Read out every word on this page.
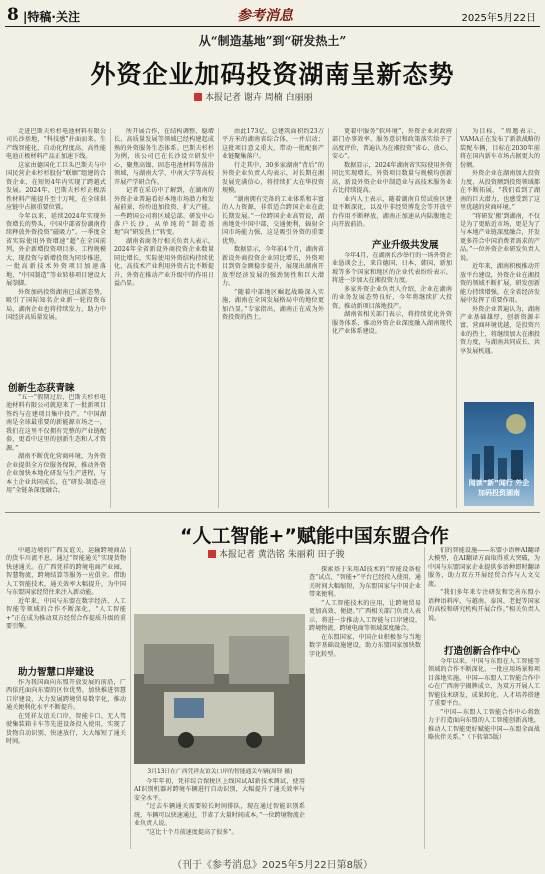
8 |特稿·关注	参考消息	2025年5月22日
从“制造基地”到“研发热土”
外资企业加码投资湖南呈新态势
本报记者 谢卉 周楠 白丽丽

走进巴斯夫杉杉电池材料有限公司长沙基地，“科技感”扑面而来。生产线智能化、自动化程度高，高性能电池正极材料产品正加速下线。

这家由德国化工巨头巴斯夫与中国民营企业杉杉股份“联姻”组建的合资企业，在短短4年内实现了跨越式发展。2024年，巴斯夫杉杉正极活性材料产能提升至十万吨，在全球供应链中占据重要位置。

今年以来，延续2024年实现外资增长的势头，中国中部省份湖南持续释放外资投资“磁吸力”。一季度全省实际使用外资增速“超”在全国前列，外企新增投资项目多、工程规模大，现投资与新增投资为同步推进，一批高新技术外资项目加速落地，“中国制造”等业转移项目建设大展拳脚。

外资加码投资湖南已成新态势，吸引了国际知名企业新一轮投资布局，湖南企业也将持续发力，助力中国经济高质量发展。

创新生态获青睐

“五一”假期过后，巴斯夫杉杉电池材料有限公司就迎来了一批新项目签约与在建项目集中投产。“中国湖南是全球最重要的新能源市场之一，我们在这里不仅拥有完整的产业链配套，更看中这里的创新生态和人才资源。”

湖南不断优化营商环境，为外资企业提供全方位服务保障，推动外资企业加快本地化研发与生产进程，与本土企业共同成长，在“研发-制造-应用”全链条深度融合。

所开展合作，在结构调整、稳增长、高质量发展等领域已经构建起成熟的外资服务生态体系。巴斯夫杉杉为例，该公司已在长沙设立研发中心，聚焦高镍、固态电池材料等前沿领域，与湖南大学、中南大学等高校开展产学研合作。

记者在采访中了解到，在湖南的外资企业普遍看好本地市场潜力和发展前景，纷纷追加投资、扩大产能。一些跨国公司将区域总部、研发中心落户长沙，从单纯的“制造基地”向“研发热土”转变。

湖南省商务厅相关负责人表示，2024年全省新设外商投资企业数量同比增长，实际使用外资结构持续优化，高技术产业利用外资占比不断提升，外资在推动产业升级中的作用日益凸显。

由此173亿，总建筑面积约23万平方米的湖南省综合体，一并启动；这批项目意义重大，带动一批配套产业链聚集落户。

行走其中，30多家湖南“背后”的外资企业负责人均表示，对长期在湘发展充满信心，将持续扩大在华投资规模。

“湖南拥有完备的工业体系和丰富的人力资源，非常适合跨国企业在此长期发展。”一位跨国企业高管说，湖南地处中国中部，交通便利，辐射全国市场能力强，这是吸引外资的重要优势。

数据显示，今年前4个月，湖南省新设外商投资企业同比增长，外资项目到资金额稳步提升，展现出湖南开放型经济发展的强劲韧性和巨大潜力。

“随着中部地区崛起战略深入实施，湖南在全国发展格局中的地位更加凸显。”专家指出，湖南正在成为外资投资的热土。

更着中服务“软环境”，外资企业对政府部门办事效率、服务意识和政策落实给予了高度评价，普遍认为在湘投资“省心、放心、安心”。

数据显示，2024年湖南省实际使用外资同比实现增长，外资项目数量与规模均创新高，新设外资企业中制造业与高技术服务业占比持续提高。

业内人士表示，随着湖南自贸试验区建设不断深化，以及中非经贸博览会等开放平台作用不断释放，湖南正加速从内陆腹地走向开放前沿。

产业升级共发展

今年4月，在湖南长沙举行的一场外资企业恳谈会上，来自德国、日本、韩国、新加坡等多个国家和地区的企业代表纷纷表示，将进一步加大在湘投资力度。

多家外资企业负责人介绍，企业在湖南的业务发展态势良好，今年将继续扩大投资，推动新项目落地投产。

湖南省相关部门表示，将持续优化外资服务体系，推动外资企业深度融入湖南现代化产业体系建设。

为目标，“周邀表示，VAMA正在发布了新款战略的装配车辆，目标在2030年前将在国内新车市场占据更大的份额。

外资企业在湖南加大投资力度，从投资额到投资领域都在不断拓展，“我们看到了湖南的巨大潜力，也感受到了这里优越的营商环境。”

“将研发‘搬’到湖南，不仅是为了更贴近市场，更是为了与本地产业链深度融合，开发更多符合中国消费者需求的产品。”一位外资企业研发负责人说。

近年来，湖南积极推动开放平台建设，外资企业在湘投资的领域不断扩展，研发创新能力持续增强，在全省经济发展中发挥了重要作用。

外资企业普遍认为，湖南产业基础雄厚、创新资源丰富、营商环境优越，是投资兴业的热土，将继续加大在湘投资力度，与湖南共同成长、共享发展机遇。

阅读“新”闻行 外企加码投资湖南
“人工智能+”赋能中国东盟合作
本报记者 黄浩铭 朱丽莉 田子骏

中越边境的广西友谊关，运输跨境商品的货车川流不息，通过“智能通关”实现货物快速通关。在广西凭祥的跨境电商产业园，智慧物流、跨境结算等服务一应俱全。借助人工智能技术，通关效率大幅提升，为中国与东盟国家经贸往来注入新动能。

近年来，中国与东盟在数字经济、人工智能等领域的合作不断深化，“人工智能+”正在成为推动双方经贸合作提质升级的重要引擎。

助力智慧口岸建设

作为我国面向东盟开放发展的前沿，广西依托面向东盟的区位优势，加快推进智慧口岸建设，大力发展跨境贸易数字化，推动通关便利化水平不断提升。

在凭祥友谊关口岸，智能卡口、无人驾驶集装箱卡车等先进设备投入使用，实现了货物自动识别、快速放行，大大缩短了通关时间。

3月13日在广西凭祥友谊关口岸的智能通关车辆(周铎 摄)

今年年初，凭祥综合保税区上线国试AI新技术测试，使用AI识别机器对跨境车辆进行自动识别，大幅提升了通关效率与安全水平。

“过去车辆通关需要较长时间排队，现在通过智能识别系统，车辆可以快速通过，节省了大量时间成本。”一位跨境物流企业负责人说。

“这比十个月前速度提高了很多”。

探索基于采用AI技术的“智能设备检查”试点，“智能+”平台已经投入使用，通关时间大幅缩短，为东盟国家与中国企业带来便利。

“人工智能技术的应用，让跨境贸易更加高效、便捷。”广西相关部门负责人表示，将进一步推动人工智能与口岸建设、跨境物流、跨境电商等领域深度融合。

在东盟国家，中国企业积极参与当地数字基础设施建设，助力东盟国家加快数字化转型。

们的智能设施——东盟小语种AI翻译大模型，在AI翻译方面取得重大突破，为中国与东盟国家企业提供多语种即时翻译服务，助力双方开展经贸合作与人文交流。

“我们多年来专注研发和完善东盟小语种语料库，与越南、泰国、老挝等国家的高校和研究机构开展合作。”相关负责人说。

打造创新合作中心

今年以来，中国与东盟在人工智能等领域的合作不断深化，一批应用场景和项目落地实施。中国—东盟人工智能合作中心在广西南宁揭牌成立，为双方开展人工智能技术研发、成果转化、人才培养搭建了重要平台。

“中国—东盟人工智能合作中心将致力于打造面向东盟的人工智能创新高地，推动人工智能更好赋能中国—东盟全面战略伙伴关系。”（下转第5版）

（刊于《参考消息》2025年5月22日第8版）
